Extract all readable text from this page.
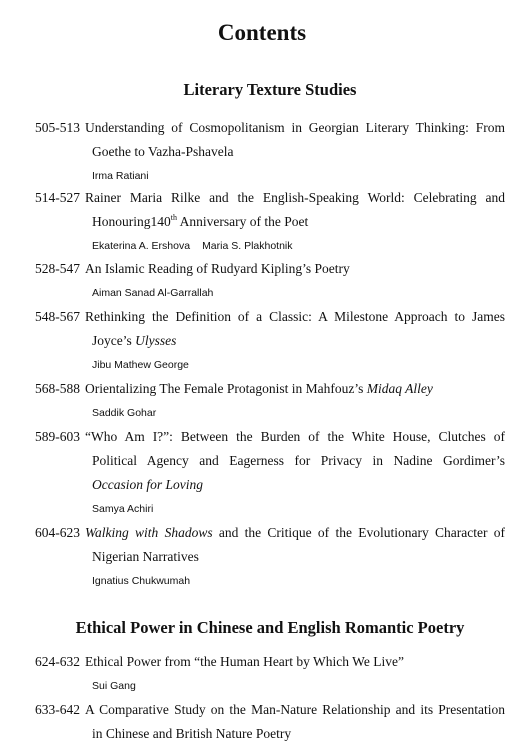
Contents
Literary Texture Studies
505-513 Understanding of Cosmopolitanism in Georgian Literary Thinking: From
Goethe to Vazha-Pshavela
Irma Ratiani
514-527 Rainer Maria Rilke and the English-Speaking World: Celebrating and
Honouring140th Anniversary of the Poet
Ekaterina A. Ershova Maria S. Plakhotnik
528-547 An Islamic Reading of Rudyard Kipling’s Poetry
Aiman Sanad Al-Garrallah
548-567 Rethinking the Definition of a Classic: A Milestone Approach to James
Joyce’s Ulysses
Jibu Mathew George
568-588 Orientalizing The Female Protagonist in Mahfouz’s Midaq Alley
Saddik Gohar
589-603 “Who Am I?”: Between the Burden of the White House, Clutches of
Political Agency and Eagerness for Privacy in Nadine Gordimer’s
Occasion for Loving
Samya Achiri
604-623 Walking with Shadows and the Critique of the Evolutionary Character of
Nigerian Narratives
Ignatius Chukwumah
Ethical Power in Chinese and English Romantic Poetry
624-632 Ethical Power from “the Human Heart by Which We Live”
Sui Gang
633-642 A Comparative Study on the Man-Nature Relationship and its Presentation
in Chinese and British Nature Poetry
